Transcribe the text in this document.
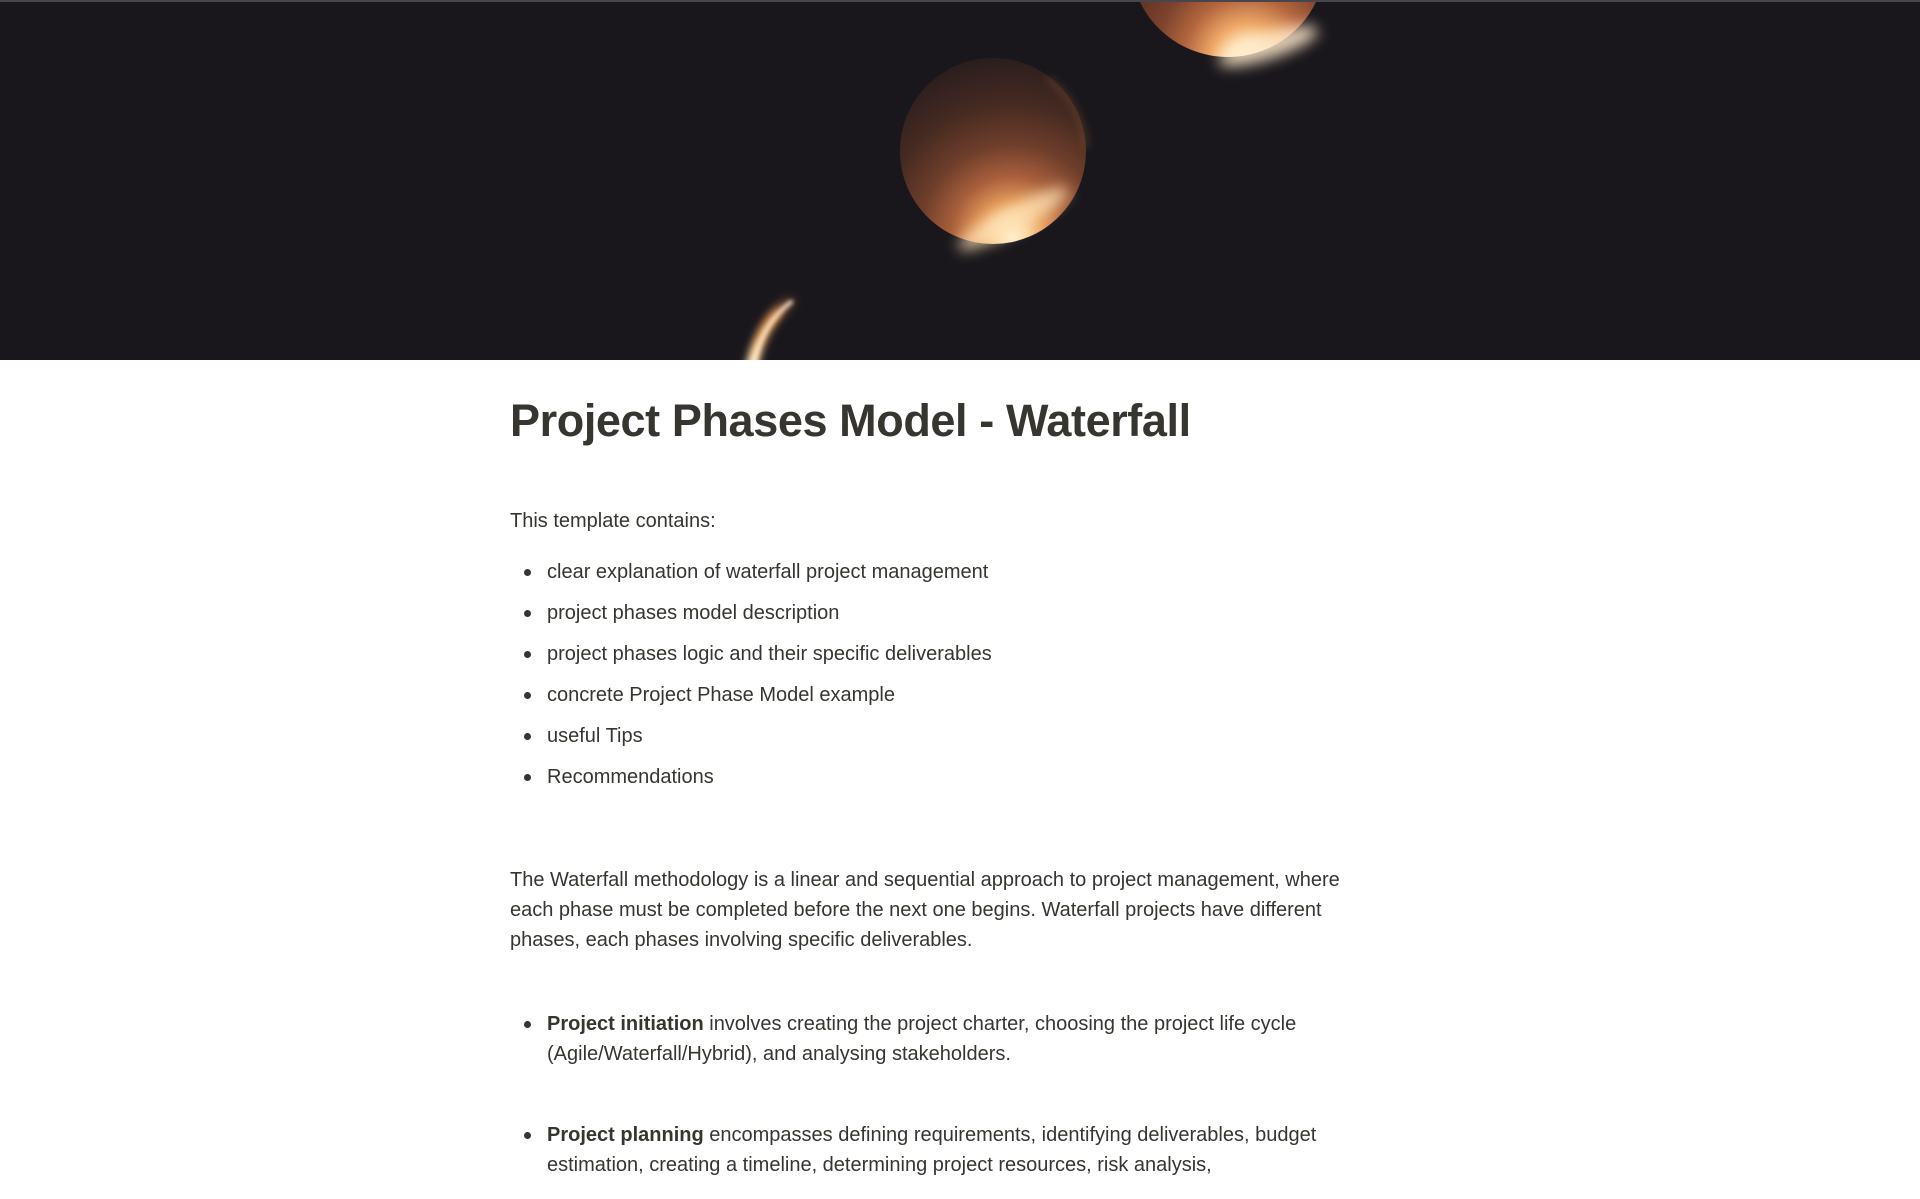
Project Phases Model - Waterfall

This template contains:

clear explanation of waterfall project management
project phases model description
project phases logic and their specific deliverables
concrete Project Phase Model example
useful Tips
Recommendations

The Waterfall methodology is a linear and sequential approach to project management, where each phase must be completed before the next one begins. Waterfall projects have different phases, each phases involving specific deliverables.

Project initiation involves creating the project charter, choosing the project life cycle (Agile/Waterfall/Hybrid), and analysing stakeholders.
Project planning encompasses defining requirements, identifying deliverables, budget estimation, creating a timeline, determining project resources, risk analysis,
